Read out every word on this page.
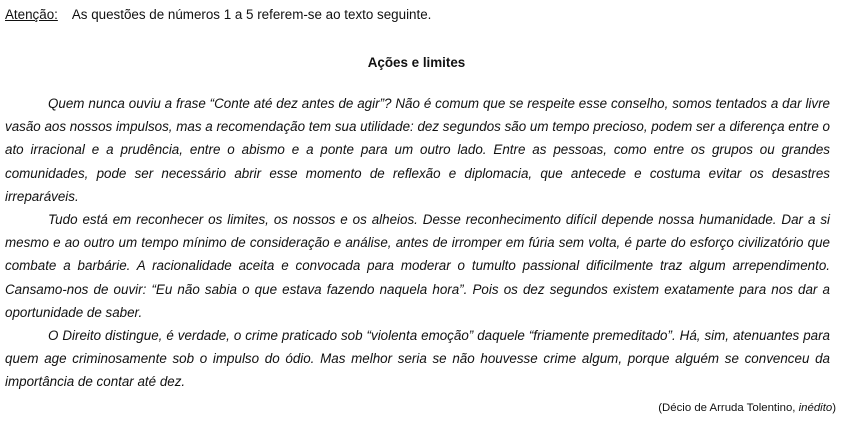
Atenção: As questões de números 1 a 5 referem-se ao texto seguinte.
Ações e limites

Quem nunca ouviu a frase “Conte até dez antes de agir”? Não é comum que se respeite esse conselho, somos tentados a dar livre vasão aos nossos impulsos, mas a recomendação tem sua utilidade: dez segundos são um tempo precioso, podem ser a diferença entre o ato irracional e a prudência, entre o abismo e a ponte para um outro lado. Entre as pessoas, como entre os grupos ou grandes comunidades, pode ser necessário abrir esse momento de reflexão e diplomacia, que antecede e costuma evitar os desastres irreparáveis.

Tudo está em reconhecer os limites, os nossos e os alheios. Desse reconhecimento difícil depende nossa humanidade. Dar a si mesmo e ao outro um tempo mínimo de consideração e análise, antes de irromper em fúria sem volta, é parte do esforço civilizatório que combate a barbárie. A racionalidade aceita e convocada para moderar o tumulto passional dificilmente traz algum arrependimento. Cansamo-nos de ouvir: “Eu não sabia o que estava fazendo naquela hora”. Pois os dez segundos existem exatamente para nos dar a oportunidade de saber.

O Direito distingue, é verdade, o crime praticado sob “violenta emoção” daquele “friamente premeditado”. Há, sim, atenuantes para quem age criminosamente sob o impulso do ódio. Mas melhor seria se não houvesse crime algum, porque alguém se convenceu da importância de contar até dez.

(Décio de Arruda Tolentino, inédito)
